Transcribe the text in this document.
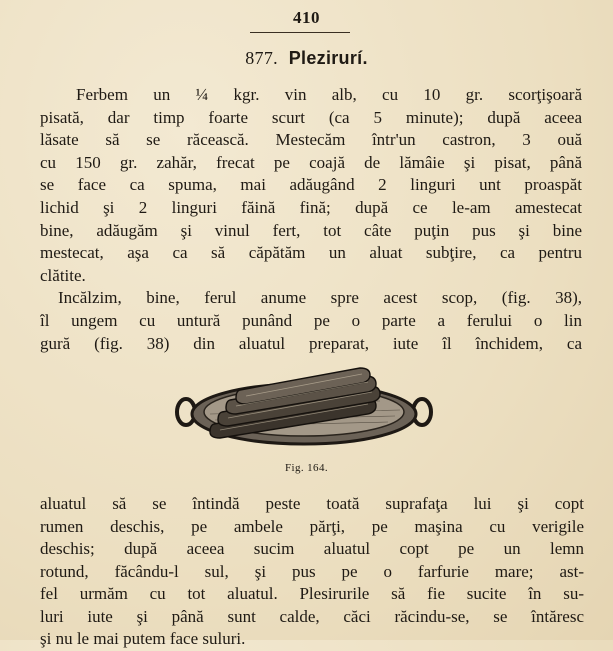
410
877. Plezirurí.
Ferbem un ¼ kgr. vin alb, cu 10 gr. scorţişoară
pisată, dar timp foarte scurt (ca 5 minute); după aceea
lăsate să se răcească. Mestecăm într'un castron, 3 ouă
cu 150 gr. zahăr, frecat pe coajă de lămâie şi pisat, până
se face ca spuma, mai adăugând 2 linguri unt proaspăt
lichid şi 2 linguri făină fină; după ce le-am amestecat
bine, adăugăm şi vinul fert, tot câte puţin pus şi bine
mestecat, aşa ca să căpătăm un aluat subţire, ca pentru
clătite.
Incălzim, bine, ferul anume spre acest scop, (fig. 38),
îl ungem cu untură punând pe o parte a ferului o lin
gură (fig. 38) din aluatul preparat, iute îl închidem, ca
Fig. 164.
aluatul să se întindă peste toată suprafaţa lui şi copt
rumen deschis, pe ambele părţi, pe maşina cu verigile
deschis; după aceea sucim aluatul copt pe un lemn
rotund, făcându-l sul, şi pus pe o farfurie mare; ast-
fel urmăm cu tot aluatul. Plesirurile să fie sucite în su-
luri iute şi până sunt calde, căci răcindu-se, se întăresc
şi nu le mai putem face suluri.
